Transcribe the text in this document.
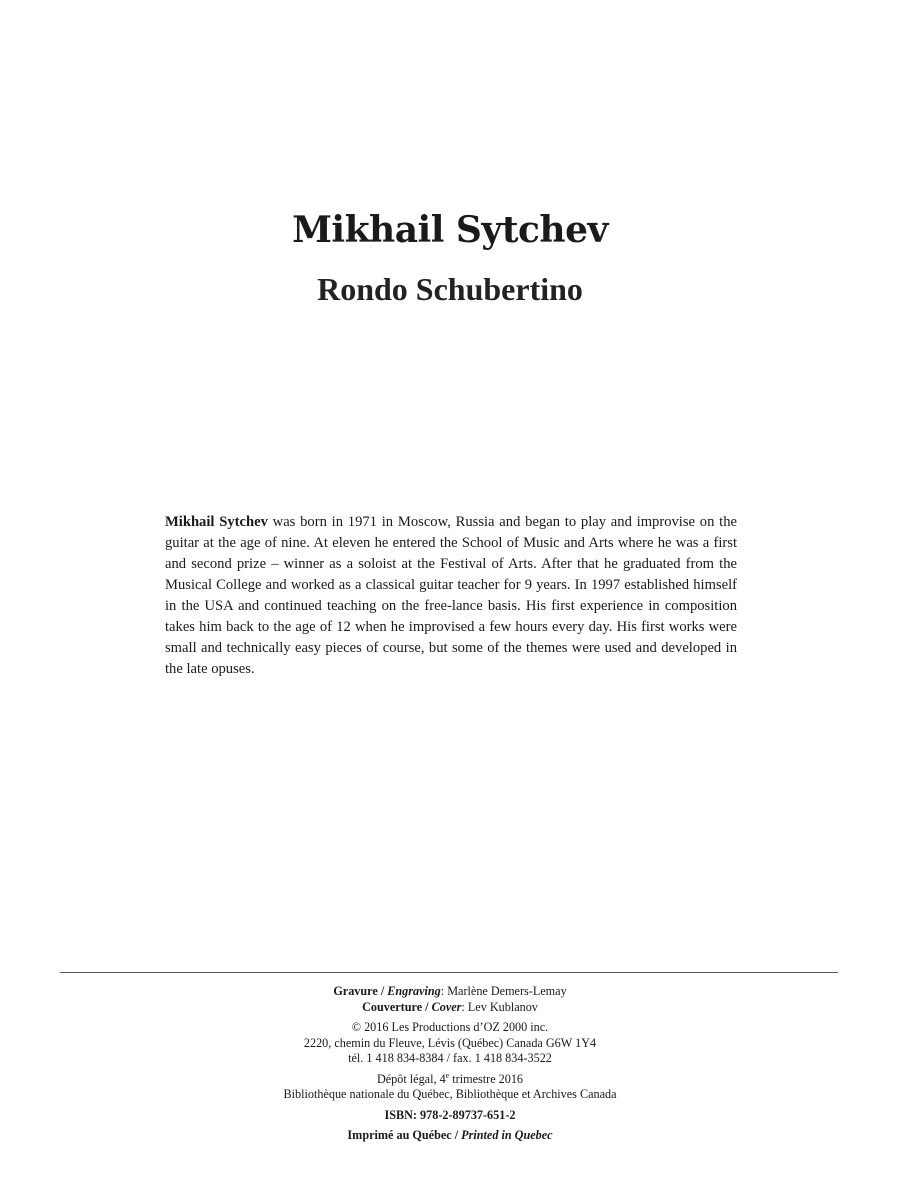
Mikhail Sytchev
Rondo Schubertino

Mikhail Sytchev was born in 1971 in Moscow, Russia and began to play and improvise on the guitar at the age of nine. At eleven he entered the School of Music and Arts where he was a first and second prize – winner as a soloist at the Festival of Arts. After that he graduated from the Musical College and worked as a classical guitar teacher for 9 years. In 1997 established himself in the USA and continued teaching on the free-lance basis. His first experience in composition takes him back to the age of 12 when he improvised a few hours every day. His first works were small and technically easy pieces of course, but some of the themes were used and developed in the late opuses.

Gravure / Engraving: Marlène Demers-Lemay
Couverture / Cover: Lev Kublanov
© 2016 Les Productions d’OZ 2000 inc.
2220, chemin du Fleuve, Lévis (Québec) Canada G6W 1Y4
tél. 1 418 834-8384 / fax. 1 418 834-3522
Dépôt légal, 4e trimestre 2016
Bibliothèque nationale du Québec, Bibliothèque et Archives Canada
ISBN: 978-2-89737-651-2
Imprimé au Québec / Printed in Quebec
